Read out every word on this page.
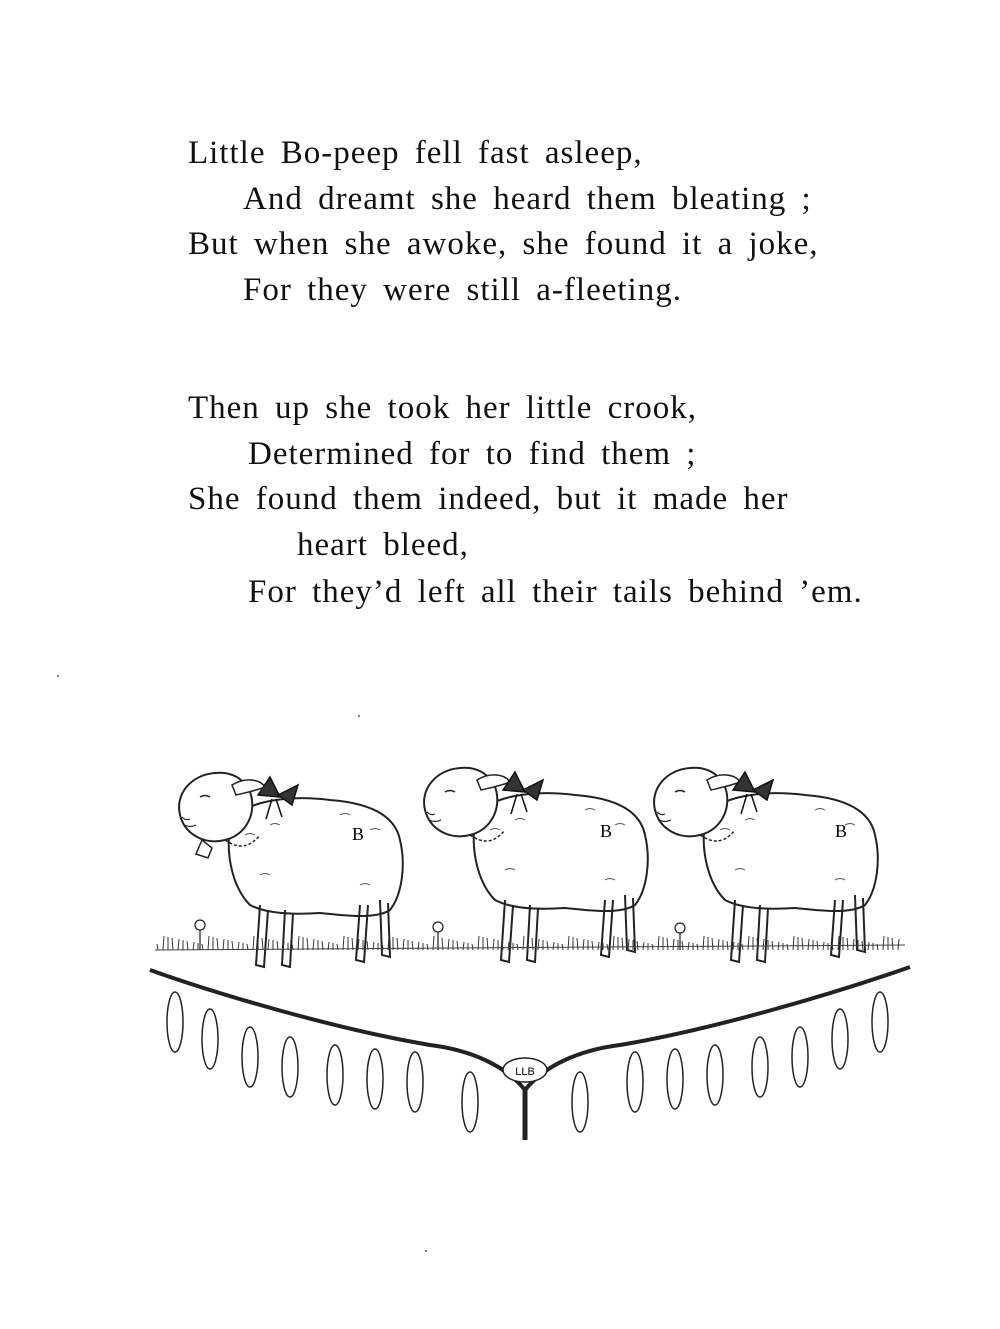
Little Bo-peep fell fast asleep,
And dreamt she heard them bleating ;
But when she awoke, she found it a joke,
For they were still a-fleeting.
Then up she took her little crook,
Determined for to find them ;
She found them indeed, but it made her
heart bleed,
For they’d left all their tails behind ’em.
B	B	B
LLB
